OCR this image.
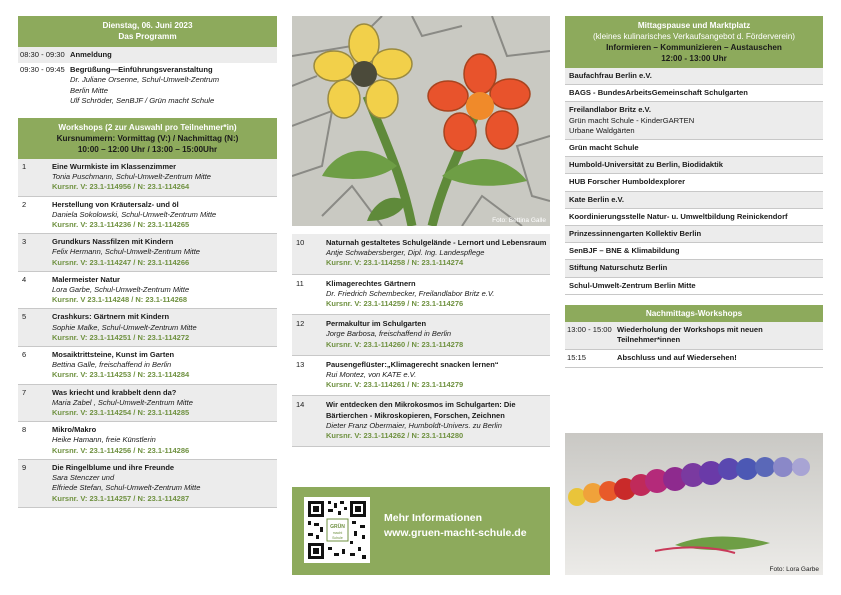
Dienstag, 06. Juni 2023
Das Programm
08:30 - 09:30 Anmeldung
09:30 - 09:45 Begrüßung—Einführungsveranstaltung
Dr. Juliane Orsenne, Schul-Umwelt-Zentrum
Berlin Mitte
Ulf Schröder, SenBJF / Grün macht Schule
Workshops (2 zur Auswahl pro Teilnehmer*in)
Kursnummern: Vormittag (V:) / Nachmittag (N:)
10:00 – 12:00 Uhr / 13:00 – 15:00Uhr
1	Eine Wurmkiste im Klassenzimmer
Tonia Puschmann, Schul-Umwelt-Zentrum Mitte
Kursnr. V: 23.1-114956 / N: 23.1-114264
2	Herstellung von Kräutersalz- und öl
Daniela Sokolowski, Schul-Umwelt-Zentrum Mitte
Kursnr. V: 23.1-114236 / N: 23.1-114265
3	Grundkurs Nassfilzen mit Kindern
Felix Hermann, Schul-Umwelt-Zentrum Mitte
Kursnr. V: 23.1-114247 / N: 23.1-114266
4	Malermeister Natur
Lora Garbe, Schul-Umwelt-Zentrum Mitte
Kursnr. V 23.1-114248 / N: 23.1-114268
5	Crashkurs: Gärtnern mit Kindern
Sophie Malke, Schul-Umwelt-Zentrum Mitte
Kursnr. V: 23.1-114251 / N: 23.1-114272
6	Mosaiktrittsteine, Kunst im Garten
Bettina Galle, freischaffend in Berlin
Kursnr. V: 23.1-114253 / N: 23.1-114284
7	Was kriecht und krabbelt denn da?
Maria Zabel , Schul-Umwelt-Zentrum Mitte
Kursnr. V: 23.1-114254 / N: 23.1-114285
8	Mikro/Makro
Heike Hamann, freie Künstlerin
Kursnr. V: 23.1-114256 / N: 23.1-114286
9	Die Ringelblume und ihre Freunde
Sara Stenczer und
Elfriede Stefan, Schul-Umwelt-Zentrum Mitte
Kursnr. V: 23.1-114257 / N: 23.1-114287
Foto: Bettina Galle
10	Naturnah gestaltetes Schulgelände - Lernort und Lebensraum
Antje Schwabersberger, Dipl. Ing. Landespflege
Kursnr. V: 23.1-114258 / N: 23.1-114274
11	Klimagerechtes Gärtnern
Dr. Friedrich Schembecker, Freilandlabor Britz e.V.
Kursnr. V: 23.1-114259 / N: 23.1-114276
12	Permakultur im Schulgarten
Jorge Barbosa, freischaffend in Berlin
Kursnr. V: 23.1-114260 / N: 23.1-114278
13	Pausengeflüster:„Klimagerecht snacken lernen“
Rui Montez, von KATE e.V.
Kursnr. V: 23.1-114261 / N: 23.1-114279
14	Wir entdecken den Mikrokosmos im Schulgarten: Die Bärtierchen - Mikroskopieren, Forschen, Zeichnen
Dieter Franz Obermaier, Humboldt-Univers. zu Berlin
Kursnr. V: 23.1-114262 / N: 23.1-114280
GRÜN
macht
Schule
Mehr Informationen
www.gruen-macht-schule.de
Mittagspause und Marktplatz
(kleines kulinarisches Verkaufsangebot d. Förderverein)
Informieren – Kommunizieren – Austauschen
12:00 - 13:00 Uhr
Baufachfrau Berlin e.V.
BAGS - BundesArbeitsGemeinschaft Schulgarten
Freilandlabor Britz e.V.
Grün macht Schule - KinderGARTEN
Urbane Waldgärten
Grün macht Schule
Humbold-Universität zu Berlin, Biodidaktik
HUB Forscher Humboldexplorer
Kate Berlin e.V.
Koordinierungsstelle Natur- u. Umweltbildung Reinickendorf
Prinzessinnengarten Kollektiv Berlin
SenBJF – BNE & Klimabildung
Stiftung Naturschutz Berlin
Schul-Umwelt-Zentrum Berlin Mitte
Nachmittags-Workshops
13:00 - 15:00 Wiederholung der Workshops mit neuen Teilnehmer*innen
15:15	Abschluss und auf Wiedersehen!
Foto: Lora Garbe
